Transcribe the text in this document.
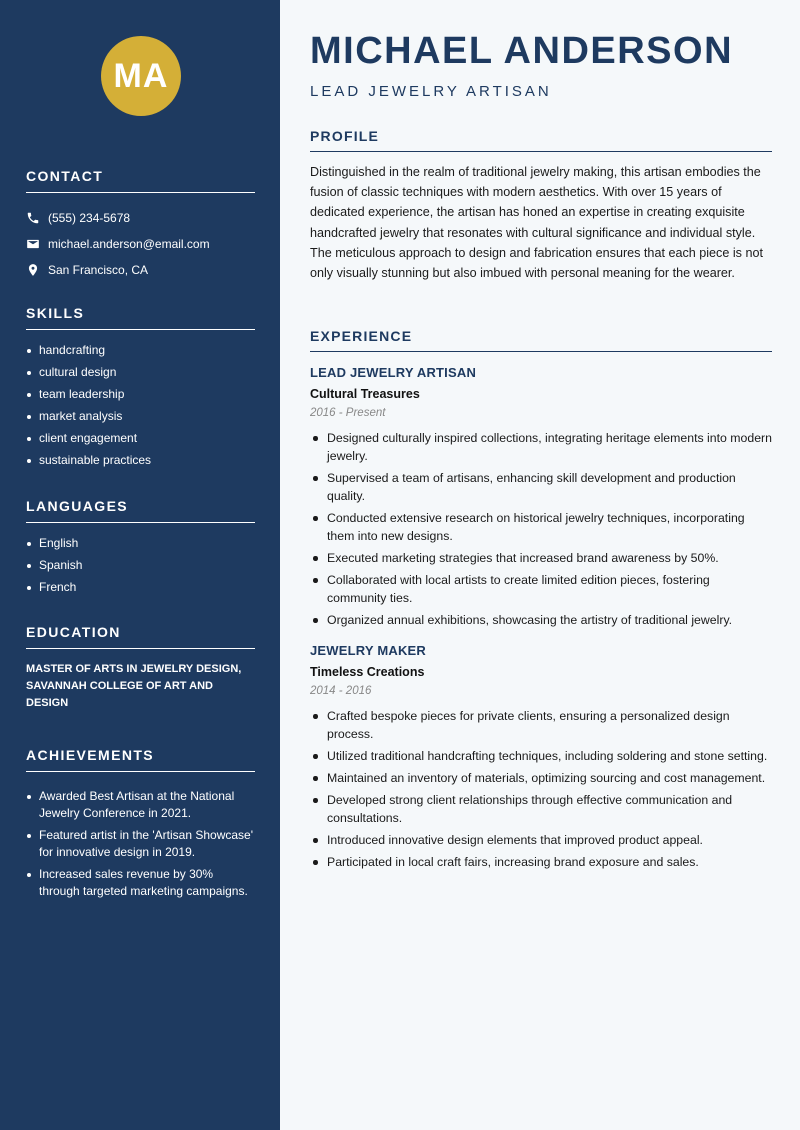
MA
CONTACT
(555) 234-5678
michael.anderson@email.com
San Francisco, CA
SKILLS
handcrafting
cultural design
team leadership
market analysis
client engagement
sustainable practices
LANGUAGES
English
Spanish
French
EDUCATION
MASTER OF ARTS IN JEWELRY DESIGN, SAVANNAH COLLEGE OF ART AND DESIGN
ACHIEVEMENTS
Awarded Best Artisan at the National Jewelry Conference in 2021.
Featured artist in the 'Artisan Showcase' for innovative design in 2019.
Increased sales revenue by 30% through targeted marketing campaigns.
MICHAEL ANDERSON
LEAD JEWELRY ARTISAN
PROFILE

Distinguished in the realm of traditional jewelry making, this artisan embodies the fusion of classic techniques with modern aesthetics. With over 15 years of dedicated experience, the artisan has honed an expertise in creating exquisite handcrafted jewelry that resonates with cultural significance and individual style. The meticulous approach to design and fabrication ensures that each piece is not only visually stunning but also imbued with personal meaning for the wearer.

EXPERIENCE
LEAD JEWELRY ARTISAN
Cultural Treasures
2016 - Present
Designed culturally inspired collections, integrating heritage elements into modern jewelry.
Supervised a team of artisans, enhancing skill development and production quality.
Conducted extensive research on historical jewelry techniques, incorporating them into new designs.
Executed marketing strategies that increased brand awareness by 50%.
Collaborated with local artists to create limited edition pieces, fostering community ties.
Organized annual exhibitions, showcasing the artistry of traditional jewelry.
JEWELRY MAKER
Timeless Creations
2014 - 2016
Crafted bespoke pieces for private clients, ensuring a personalized design process.
Utilized traditional handcrafting techniques, including soldering and stone setting.
Maintained an inventory of materials, optimizing sourcing and cost management.
Developed strong client relationships through effective communication and consultations.
Introduced innovative design elements that improved product appeal.
Participated in local craft fairs, increasing brand exposure and sales.
